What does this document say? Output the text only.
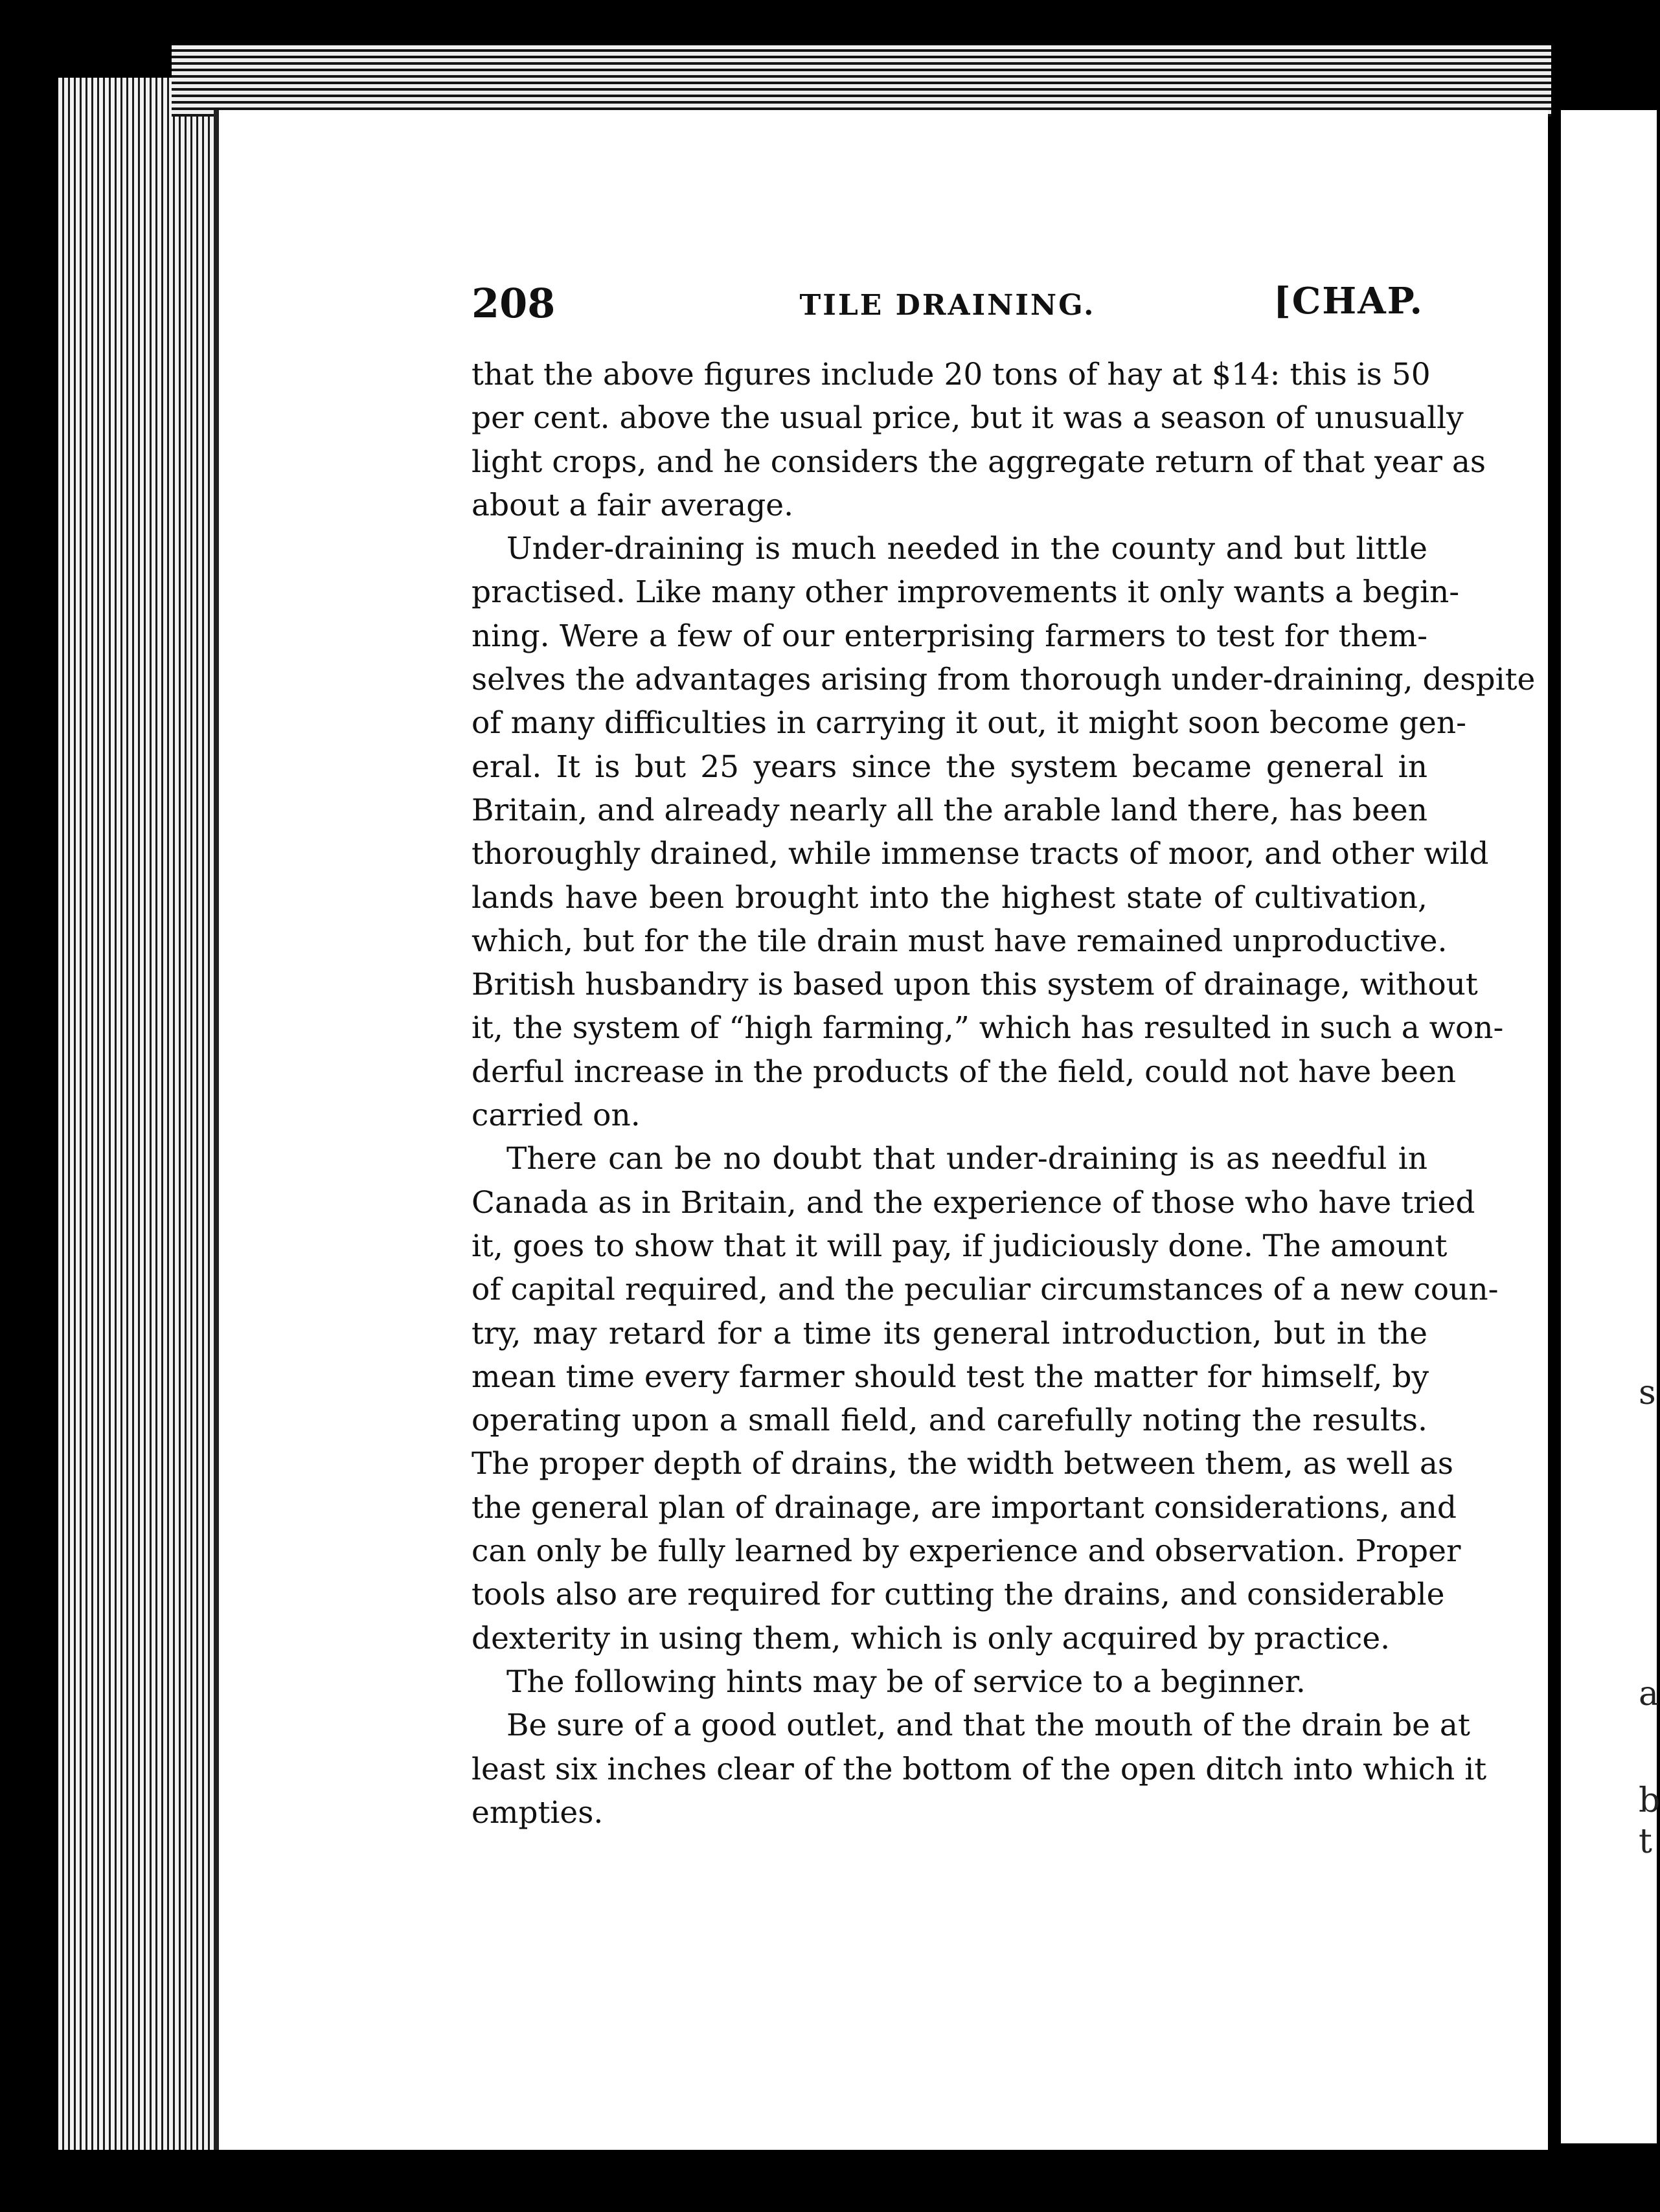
s
a
b
t
208	TILE DRAINING.	[CHAP.
that the above figures include 20 tons of hay at $14: this is 50
per cent. above the usual price, but it was a season of unusually
light crops, and he considers the aggregate return of that year as
about a fair average.
Under-draining is much needed in the county and but little
practised. Like many other improvements it only wants a begin-
ning. Were a few of our enterprising farmers to test for them-
selves the advantages arising from thorough under-draining, despite
of many difficulties in carrying it out, it might soon become gen-
eral. It is but 25 years since the system became general in
Britain, and already nearly all the arable land there, has been
thoroughly drained, while immense tracts of moor, and other wild
lands have been brought into the highest state of cultivation,
which, but for the tile drain must have remained unproductive.
British husbandry is based upon this system of drainage, without
it, the system of “high farming,” which has resulted in such a won-
derful increase in the products of the field, could not have been
carried on.
There can be no doubt that under-draining is as needful in
Canada as in Britain, and the experience of those who have tried
it, goes to show that it will pay, if judiciously done. The amount
of capital required, and the peculiar circumstances of a new coun-
try, may retard for a time its general introduction, but in the
mean time every farmer should test the matter for himself, by
operating upon a small field, and carefully noting the results.
The proper depth of drains, the width between them, as well as
the general plan of drainage, are important considerations, and
can only be fully learned by experience and observation. Proper
tools also are required for cutting the drains, and considerable
dexterity in using them, which is only acquired by practice.
The following hints may be of service to a beginner.
Be sure of a good outlet, and that the mouth of the drain be at
least six inches clear of the bottom of the open ditch into which it
empties.
